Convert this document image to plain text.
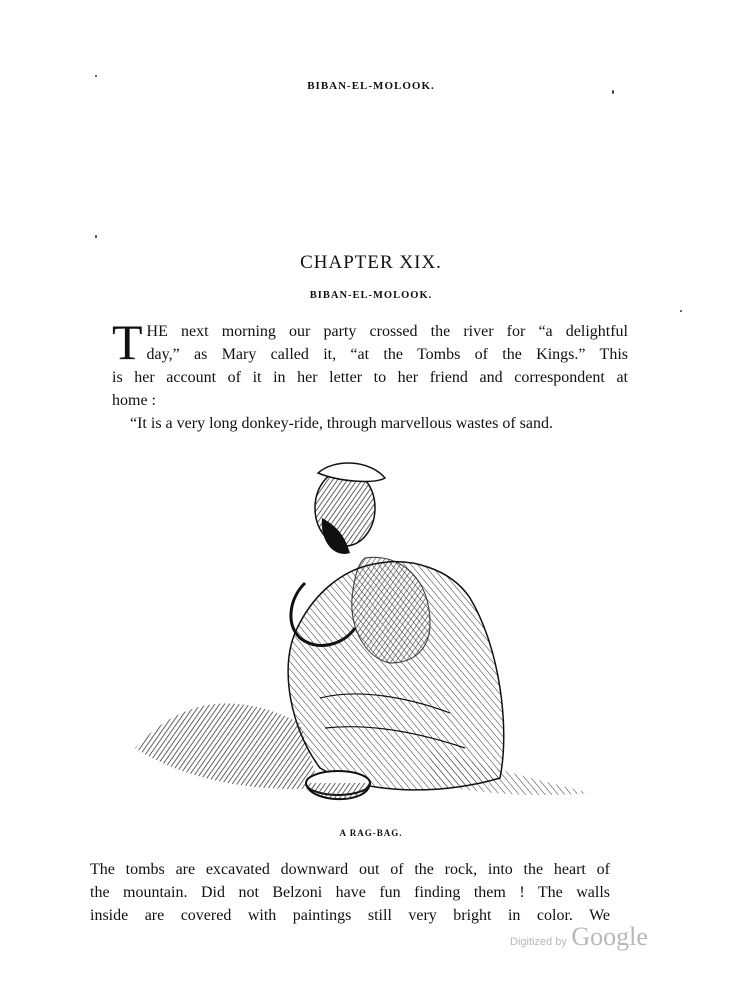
BIBAN-EL-MOLOOK.
CHAPTER XIX.
BIBAN-EL-MOLOOK.
T HE next morning our party crossed the river for “a delightful
day,” as Mary called it, “at the Tombs of the Kings.” This
is her account of it in her letter to her friend and correspondent at
home :
“It is a very long donkey-ride, through marvellous wastes of sand.
A RAG-BAG.
The tombs are excavated downward out of the rock, into the heart of
the mountain. Did not Belzoni have fun finding them ! The walls
inside are covered with paintings still very bright in color. We
Digitized by Google
